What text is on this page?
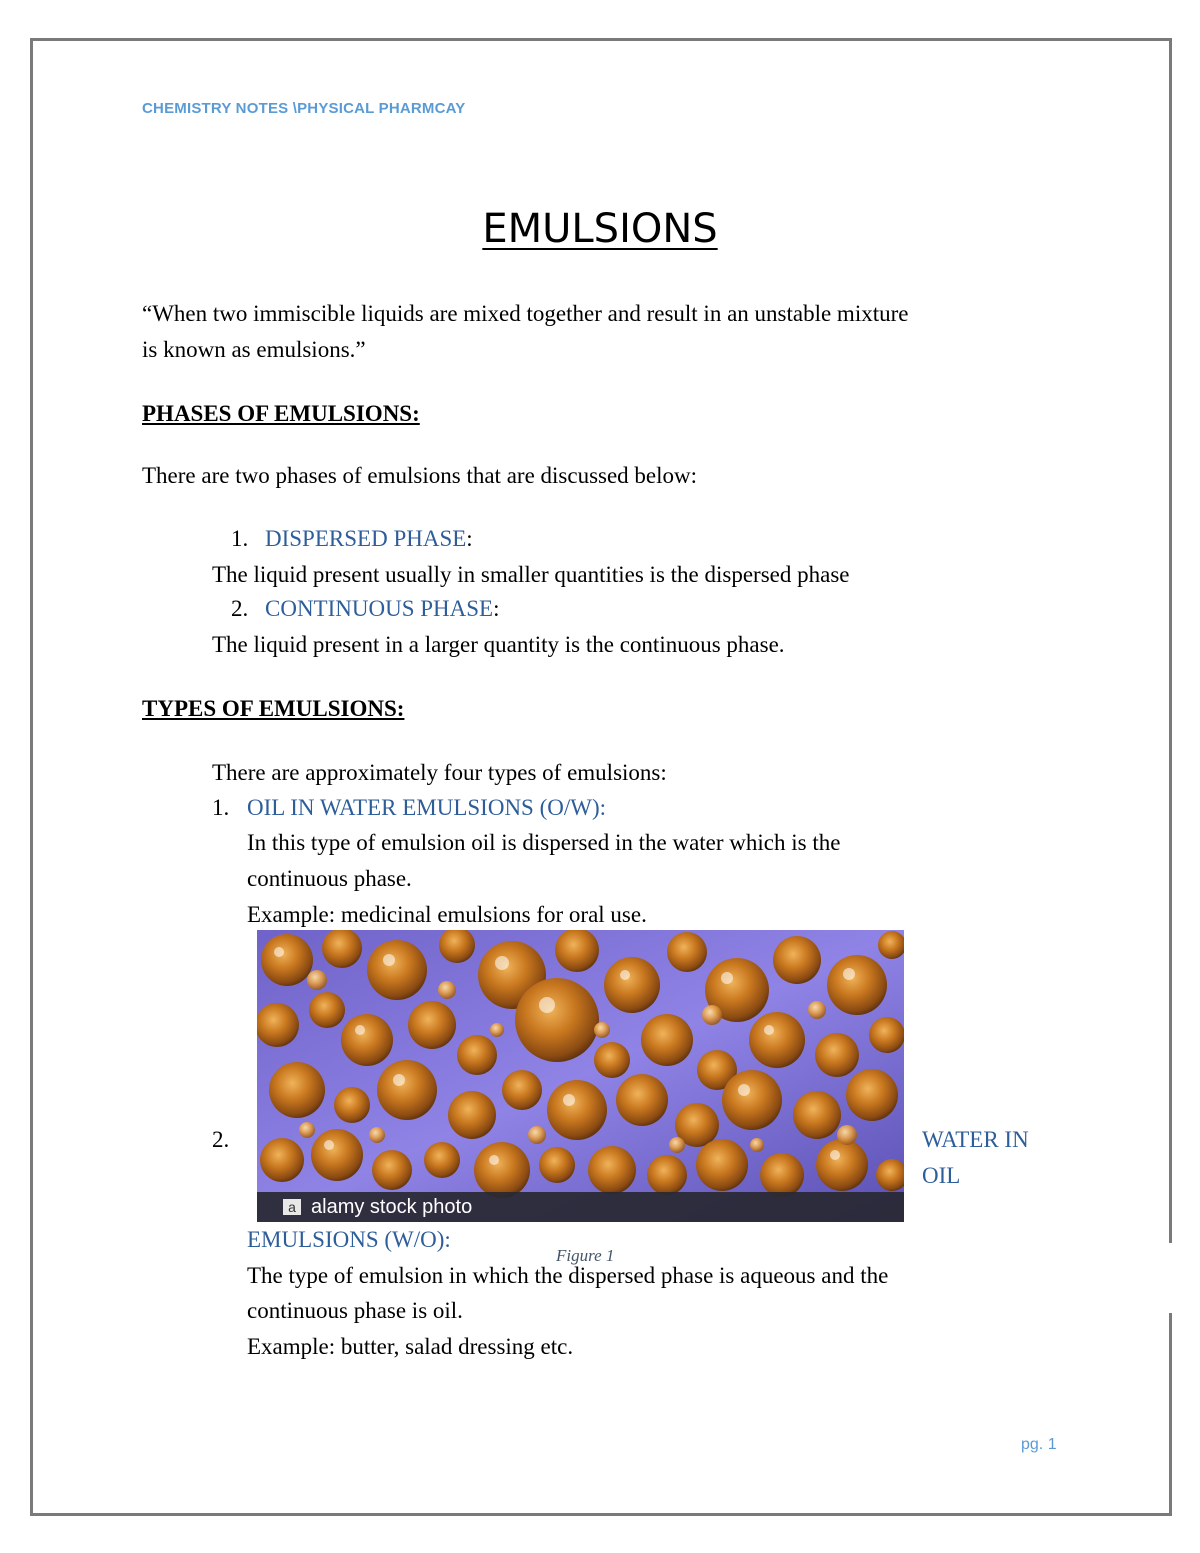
CHEMISTRY NOTES \PHYSICAL PHARMCAY
EMULSIONS
“When two immiscible liquids are mixed together and result in an unstable mixture
is known as emulsions.”
PHASES OF EMULSIONS:
There are two phases of emulsions that are discussed below:
1. DISPERSED PHASE:
The liquid present usually in smaller quantities is the dispersed phase
2. CONTINUOUS PHASE:
The liquid present in a larger quantity is the continuous phase.
TYPES OF EMULSIONS:
There are approximately four types of emulsions:
1. OIL IN WATER EMULSIONS (O/W):
In this type of emulsion oil is dispersed in the water which is the
continuous phase.
Example: medicinal emulsions for oral use.
a alamy stock photo
2.	WATER IN
OIL
EMULSIONS (W/O):
Figure 1
The type of emulsion in which the dispersed phase is aqueous and the
continuous phase is oil.
Example: butter, salad dressing etc.
pg. 1
